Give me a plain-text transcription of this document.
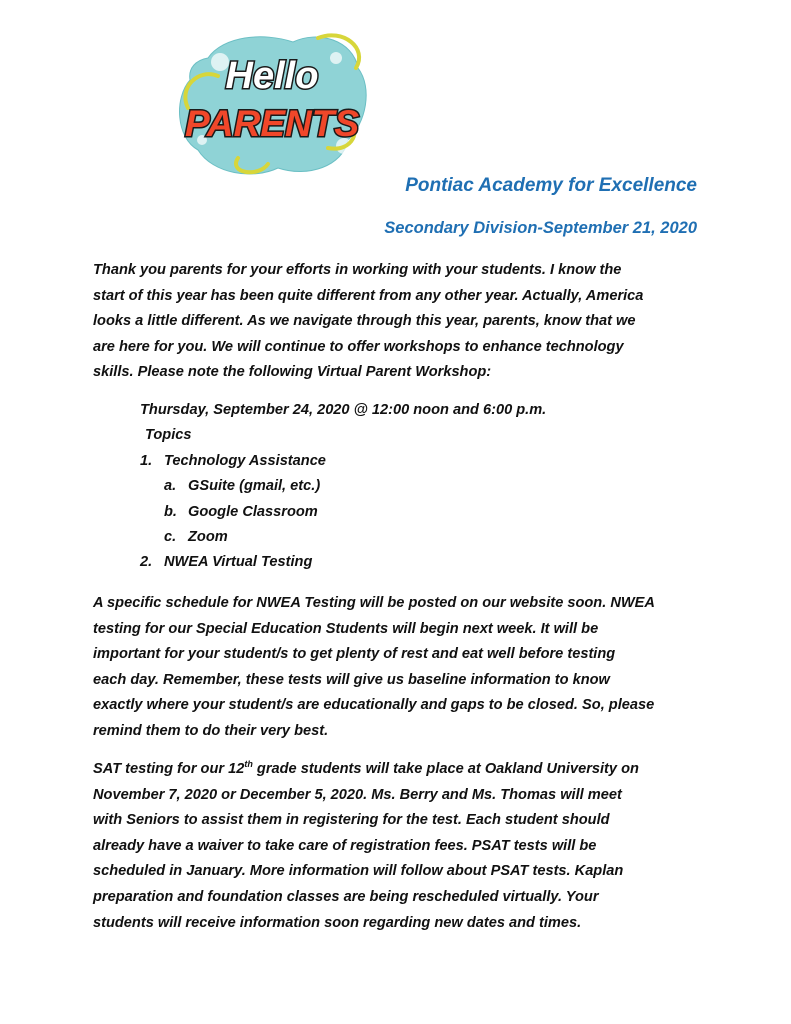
Hello
PARENTS
Pontiac Academy for Excellence
Secondary Division-September 21, 2020

Thank you parents for your efforts in working with your students. I know the
start of this year has been quite different from any other year. Actually, America
looks a little different. As we navigate through this year, parents, know that we
are here for you. We will continue to offer workshops to enhance technology
skills. Please note the following Virtual Parent Workshop:

Thursday, September 24, 2020 @ 12:00 noon and 6:00 p.m.
Topics
1. Technology Assistance
a. GSuite (gmail, etc.)
b. Google Classroom
c. Zoom
2. NWEA Virtual Testing

A specific schedule for NWEA Testing will be posted on our website soon. NWEA
testing for our Special Education Students will begin next week. It will be
important for your student/s to get plenty of rest and eat well before testing
each day. Remember, these tests will give us baseline information to know
exactly where your student/s are educationally and gaps to be closed. So, please
remind them to do their very best.

SAT testing for our 12th grade students will take place at Oakland University on
November 7, 2020 or December 5, 2020. Ms. Berry and Ms. Thomas will meet
with Seniors to assist them in registering for the test. Each student should
already have a waiver to take care of registration fees. PSAT tests will be
scheduled in January. More information will follow about PSAT tests. Kaplan
preparation and foundation classes are being rescheduled virtually. Your
students will receive information soon regarding new dates and times.
